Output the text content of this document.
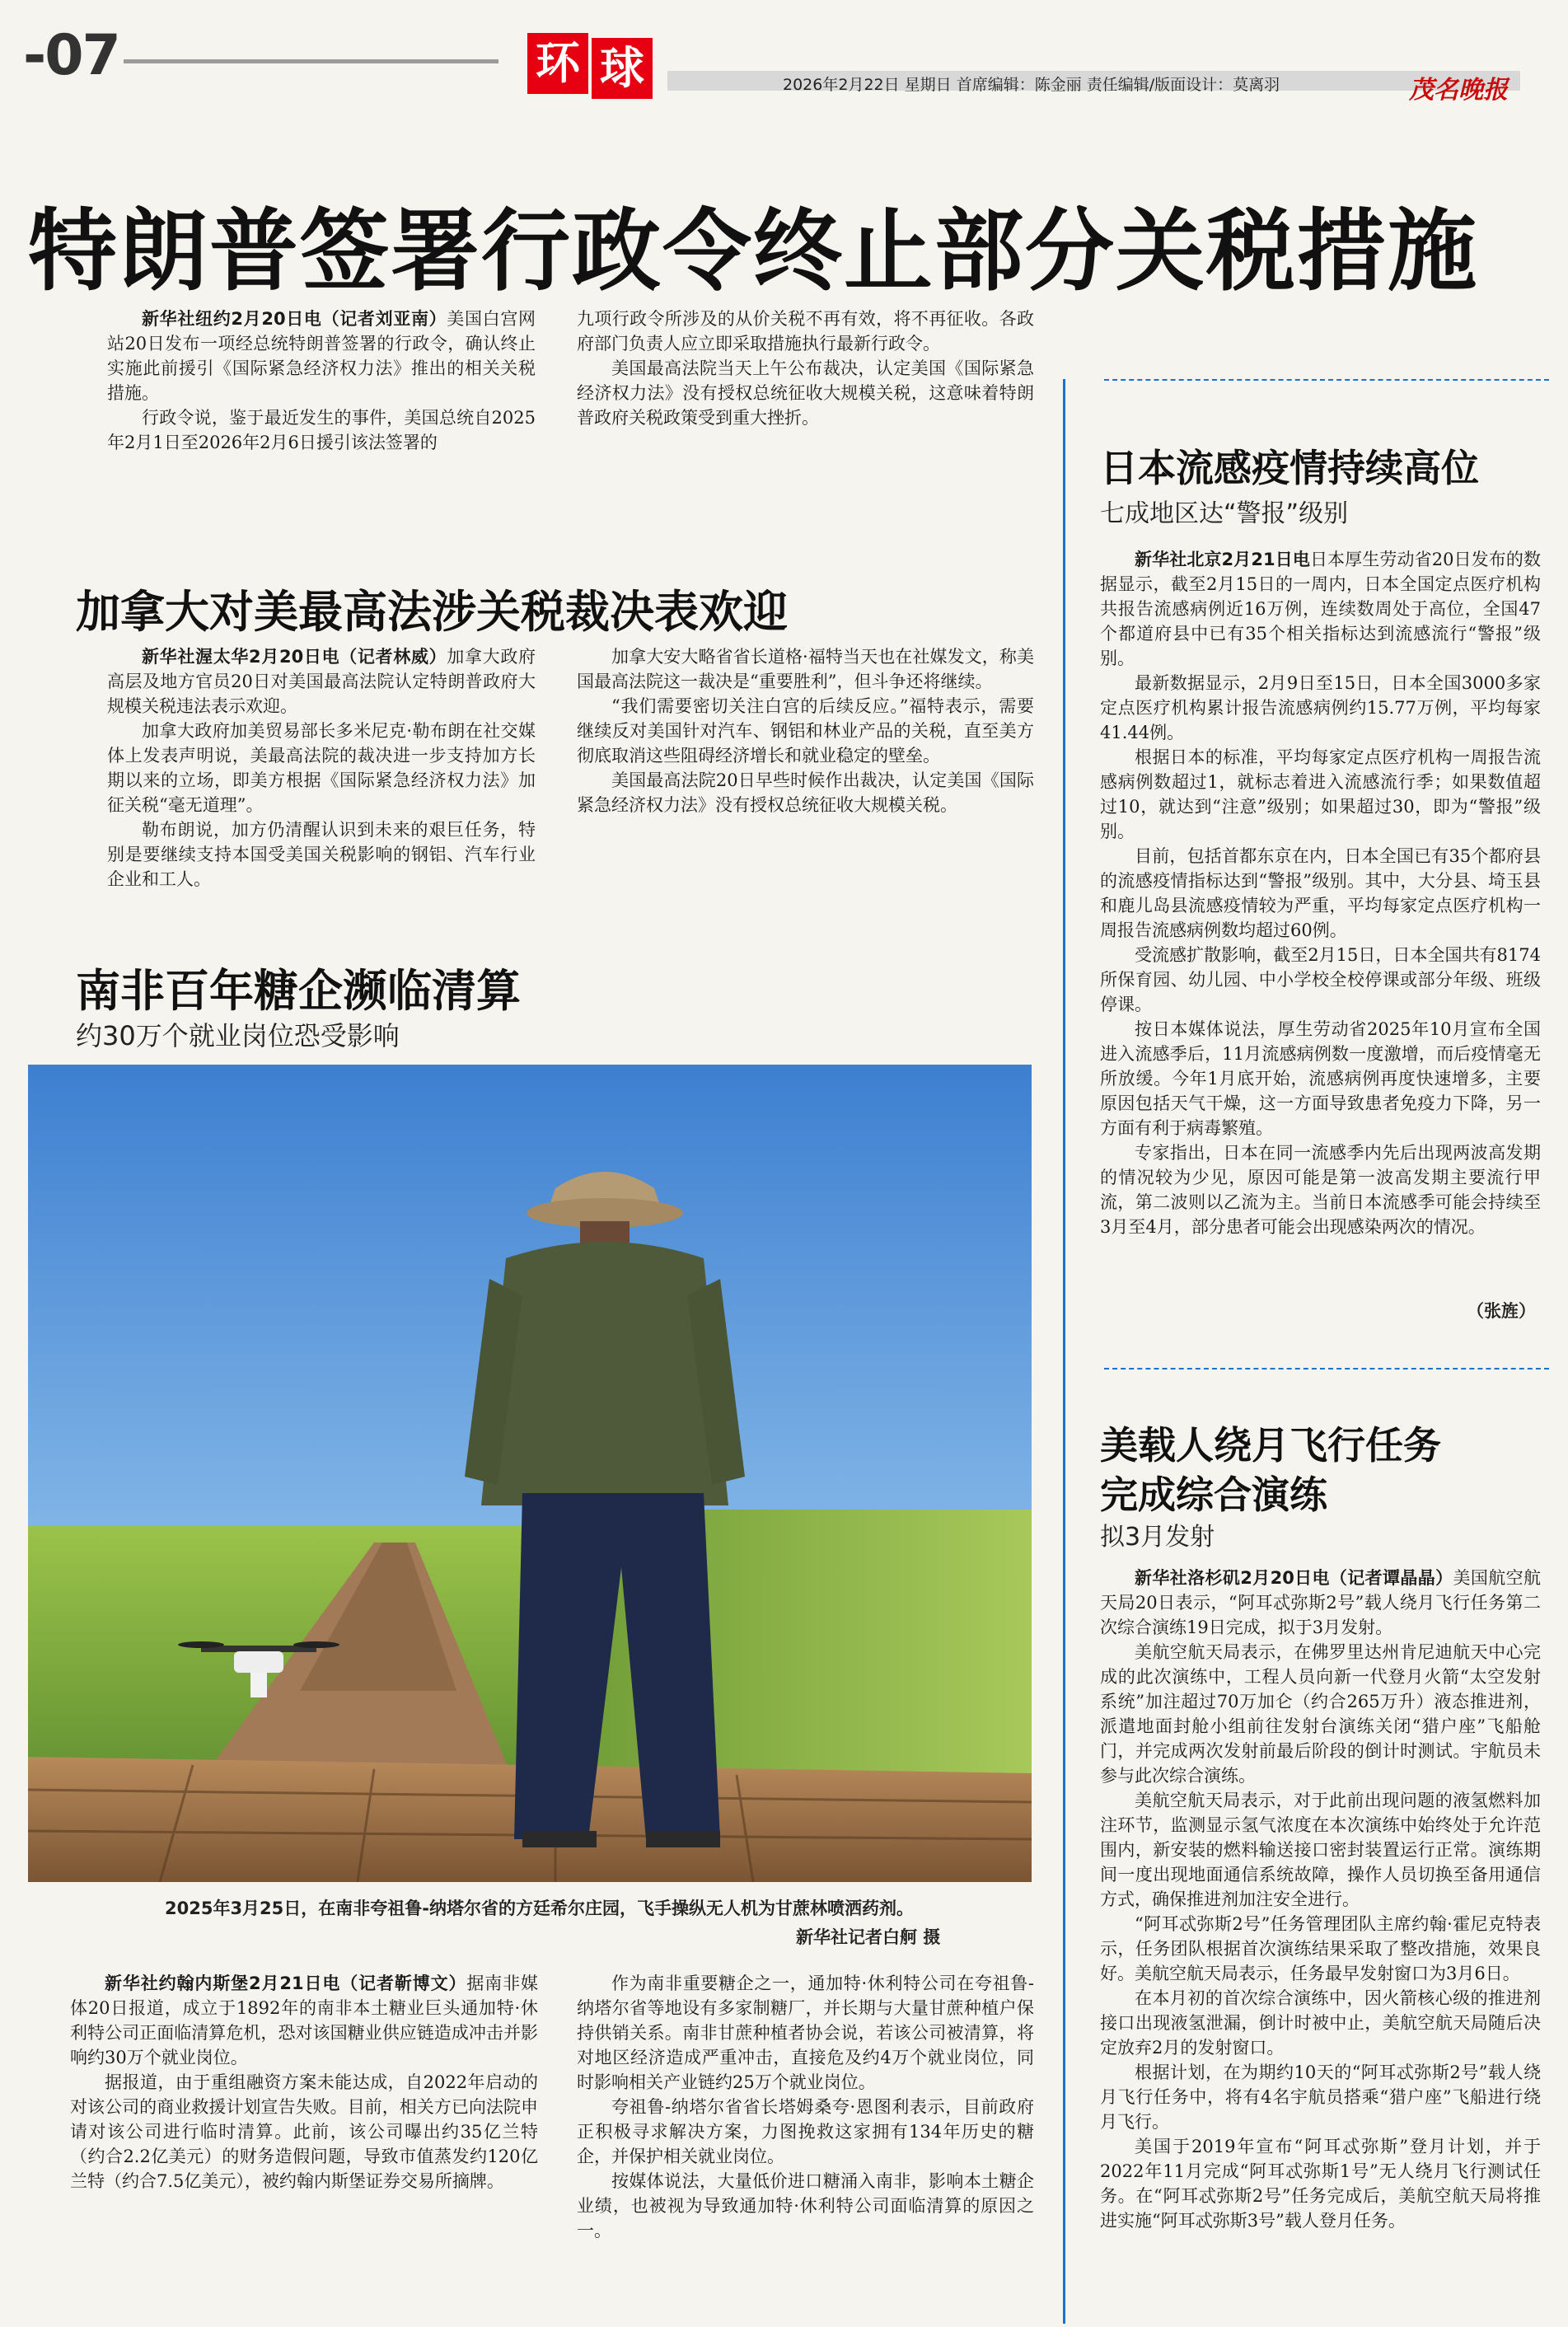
-07	环 球	2026年2月22日 星期日 首席编辑：陈金丽 责任编辑/版面设计：莫离羽	茂名晚报
特朗普签署行政令终止部分关税措施

新华社纽约2月20日电（记者刘亚南）美国白宫网站20日发布一项经总统特朗普签署的行政令，确认终止实施此前援引《国际紧急经济权力法》推出的相关关税措施。

行政令说，鉴于最近发生的事件，美国总统自2025年2月1日至2026年2月6日援引该法签署的

九项行政令所涉及的从价关税不再有效，将不再征收。各政府部门负责人应立即采取措施执行最新行政令。

美国最高法院当天上午公布裁决，认定美国《国际紧急经济权力法》没有授权总统征收大规模关税，这意味着特朗普政府关税政策受到重大挫折。

加拿大对美最高法涉关税裁决表欢迎

新华社渥太华2月20日电（记者林威）加拿大政府高层及地方官员20日对美国最高法院认定特朗普政府大规模关税违法表示欢迎。

加拿大政府加美贸易部长多米尼克·勒布朗在社交媒体上发表声明说，美最高法院的裁决进一步支持加方长期以来的立场，即美方根据《国际紧急经济权力法》加征关税“毫无道理”。

勒布朗说，加方仍清醒认识到未来的艰巨任务，特别是要继续支持本国受美国关税影响的钢铝、汽车行业企业和工人。

加拿大安大略省省长道格·福特当天也在社媒发文，称美国最高法院这一裁决是“重要胜利”，但斗争还将继续。

“我们需要密切关注白宫的后续反应。”福特表示，需要继续反对美国针对汽车、钢铝和林业产品的关税，直至美方彻底取消这些阻碍经济增长和就业稳定的壁垒。

美国最高法院20日早些时候作出裁决，认定美国《国际紧急经济权力法》没有授权总统征收大规模关税。

南非百年糖企濒临清算
约30万个就业岗位恐受影响
2025年3月25日，在南非夸祖鲁-纳塔尔省的方廷希尔庄园，飞手操纵无人机为甘蔗林喷洒药剂。
新华社记者白舸 摄

新华社约翰内斯堡2月21日电（记者靳博文）据南非媒体20日报道，成立于1892年的南非本土糖业巨头通加特·休利特公司正面临清算危机，恐对该国糖业供应链造成冲击并影响约30万个就业岗位。

据报道，由于重组融资方案未能达成，自2022年启动的对该公司的商业救援计划宣告失败。目前，相关方已向法院申请对该公司进行临时清算。此前，该公司曝出约35亿兰特（约合2.2亿美元）的财务造假问题，导致市值蒸发约120亿兰特（约合7.5亿美元），被约翰内斯堡证券交易所摘牌。

作为南非重要糖企之一，通加特·休利特公司在夸祖鲁-纳塔尔省等地设有多家制糖厂，并长期与大量甘蔗种植户保持供销关系。南非甘蔗种植者协会说，若该公司被清算，将对地区经济造成严重冲击，直接危及约4万个就业岗位，同时影响相关产业链约25万个就业岗位。

夸祖鲁-纳塔尔省省长塔姆桑夸·恩图利表示，目前政府正积极寻求解决方案，力图挽救这家拥有134年历史的糖企，并保护相关就业岗位。

按媒体说法，大量低价进口糖涌入南非，影响本土糖企业绩，也被视为导致通加特·休利特公司面临清算的原因之一。

日本流感疫情持续高位
七成地区达“警报”级别

新华社北京2月21日电日本厚生劳动省20日发布的数据显示，截至2月15日的一周内，日本全国定点医疗机构共报告流感病例近16万例，连续数周处于高位，全国47个都道府县中已有35个相关指标达到流感流行“警报”级别。

最新数据显示，2月9日至15日，日本全国3000多家定点医疗机构累计报告流感病例约15.77万例，平均每家41.44例。

根据日本的标准，平均每家定点医疗机构一周报告流感病例数超过1，就标志着进入流感流行季；如果数值超过10，就达到“注意”级别；如果超过30，即为“警报”级别。

目前，包括首都东京在内，日本全国已有35个都府县的流感疫情指标达到“警报”级别。其中，大分县、埼玉县和鹿儿岛县流感疫情较为严重，平均每家定点医疗机构一周报告流感病例数均超过60例。

受流感扩散影响，截至2月15日，日本全国共有8174所保育园、幼儿园、中小学校全校停课或部分年级、班级停课。

按日本媒体说法，厚生劳动省2025年10月宣布全国进入流感季后，11月流感病例数一度激增，而后疫情毫无所放缓。今年1月底开始，流感病例再度快速增多，主要原因包括天气干燥，这一方面导致患者免疫力下降，另一方面有利于病毒繁殖。

专家指出，日本在同一流感季内先后出现两波高发期的情况较为少见，原因可能是第一波高发期主要流行甲流，第二波则以乙流为主。当前日本流感季可能会持续至3月至4月，部分患者可能会出现感染两次的情况。

（张旌）
美载人绕月飞行任务
完成综合演练
拟3月发射

新华社洛杉矶2月20日电（记者谭晶晶）美国航空航天局20日表示，“阿耳忒弥斯2号”载人绕月飞行任务第二次综合演练19日完成，拟于3月发射。

美航空航天局表示，在佛罗里达州肯尼迪航天中心完成的此次演练中，工程人员向新一代登月火箭“太空发射系统”加注超过70万加仑（约合265万升）液态推进剂，派遣地面封舱小组前往发射台演练关闭“猎户座”飞船舱门，并完成两次发射前最后阶段的倒计时测试。宇航员未参与此次综合演练。

美航空航天局表示，对于此前出现问题的液氢燃料加注环节，监测显示氢气浓度在本次演练中始终处于允许范围内，新安装的燃料输送接口密封装置运行正常。演练期间一度出现地面通信系统故障，操作人员切换至备用通信方式，确保推进剂加注安全进行。

“阿耳忒弥斯2号”任务管理团队主席约翰·霍尼克特表示，任务团队根据首次演练结果采取了整改措施，效果良好。美航空航天局表示，任务最早发射窗口为3月6日。

在本月初的首次综合演练中，因火箭核心级的推进剂接口出现液氢泄漏，倒计时被中止，美航空航天局随后决定放弃2月的发射窗口。

根据计划，在为期约10天的“阿耳忒弥斯2号”载人绕月飞行任务中，将有4名宇航员搭乘“猎户座”飞船进行绕月飞行。

美国于2019年宣布“阿耳忒弥斯”登月计划，并于2022年11月完成“阿耳忒弥斯1号”无人绕月飞行测试任务。在“阿耳忒弥斯2号”任务完成后，美航空航天局将推进实施“阿耳忒弥斯3号”载人登月任务。
